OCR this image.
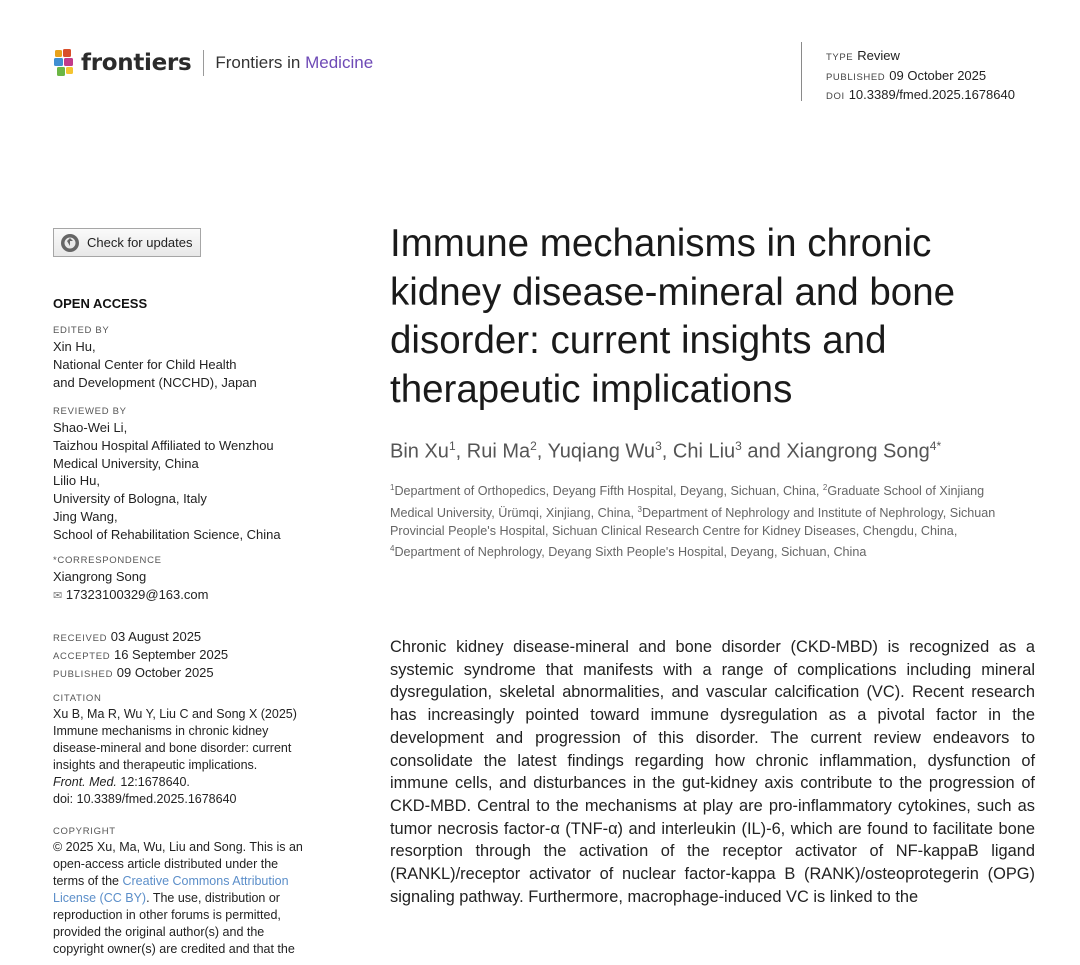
frontiers Frontiers in Medicine	TYPE Review
PUBLISHED 09 October 2025
DOI 10.3389/fmed.2025.1678640
Check for updates
OPEN ACCESS
EDITED BY
Xin Hu,
National Center for Child Health
and Development (NCCHD), Japan
REVIEWED BY
Shao-Wei Li,
Taizhou Hospital Affiliated to Wenzhou
Medical University, China
Lilio Hu,
University of Bologna, Italy
Jing Wang,
School of Rehabilitation Science, China
*CORRESPONDENCE
Xiangrong Song
✉ 17323100329@163.com
RECEIVED 03 August 2025
ACCEPTED 16 September 2025
PUBLISHED 09 October 2025
CITATION
Xu B, Ma R, Wu Y, Liu C and Song X (2025)
Immune mechanisms in chronic kidney
disease-mineral and bone disorder: current
insights and therapeutic implications.
Front. Med. 12:1678640.
doi: 10.3389/fmed.2025.1678640
COPYRIGHT
© 2025 Xu, Ma, Wu, Liu and Song. This is an
open-access article distributed under the
terms of the Creative Commons Attribution
License (CC BY). The use, distribution or
reproduction in other forums is permitted,
provided the original author(s) and the
copyright owner(s) are credited and that the
Immune mechanisms in chronic kidney disease-mineral and bone disorder: current insights and therapeutic implications
Bin Xu$^1$, Rui Ma$^2$, Yuqiang Wu$^3$, Chi Liu$^3$ and Xiangrong Song$^{4*}$
$^1$Department of Orthopedics, Deyang Fifth Hospital, Deyang, Sichuan, China, $^2$Graduate School of Xinjiang Medical University, Ürümqi, Xinjiang, China, $^3$Department of Nephrology and Institute of Nephrology, Sichuan Provincial People's Hospital, Sichuan Clinical Research Centre for Kidney Diseases, Chengdu, China, $^4$Department of Nephrology, Deyang Sixth People's Hospital, Deyang, Sichuan, China
Chronic kidney disease-mineral and bone disorder (CKD-MBD) is recognized as a systemic syndrome that manifests with a range of complications including mineral dysregulation, skeletal abnormalities, and vascular calcification (VC). Recent research has increasingly pointed toward immune dysregulation as a pivotal factor in the development and progression of this disorder. The current review endeavors to consolidate the latest findings regarding how chronic inflammation, dysfunction of immune cells, and disturbances in the gut-kidney axis contribute to the progression of CKD-MBD. Central to the mechanisms at play are pro-inflammatory cytokines, such as tumor necrosis factor-α (TNF-α) and interleukin (IL)-6, which are found to facilitate bone resorption through the activation of the receptor activator of NF-kappaB ligand (RANKL)/receptor activator of nuclear factor-kappa B (RANK)/osteoprotegerin (OPG) signaling pathway. Furthermore, macrophage-induced VC is linked to the
